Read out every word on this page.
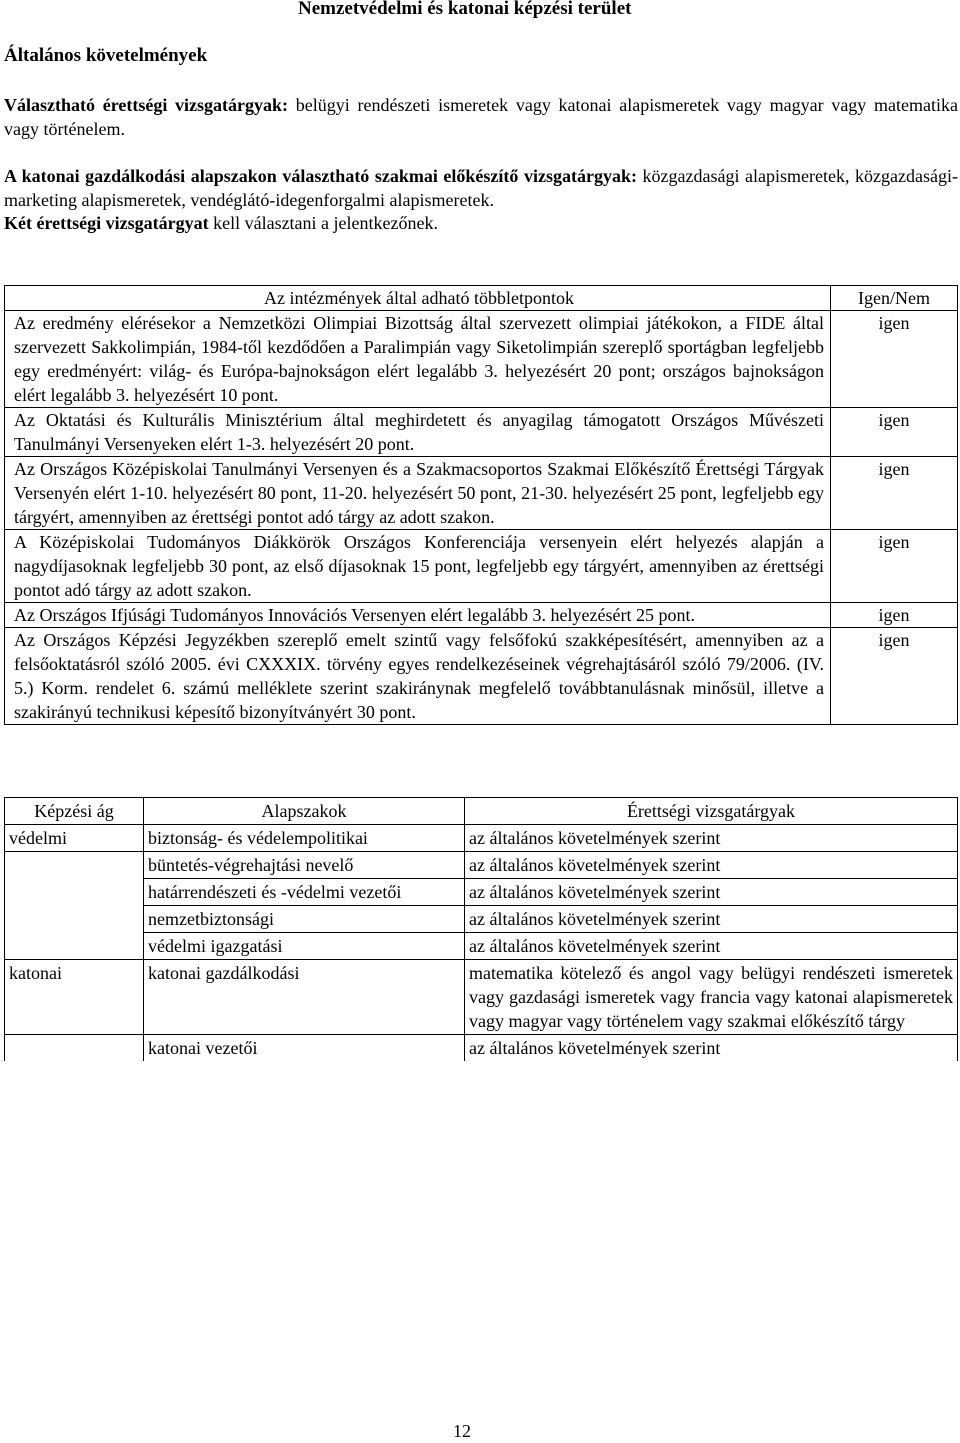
Nemzetvédelmi és katonai képzési terület
Általános követelmények
Választható érettségi vizsgatárgyak: belügyi rendészeti ismeretek vagy katonai alapismeretek vagy magyar vagy matematika vagy történelem.
A katonai gazdálkodási alapszakon választható szakmai előkészítő vizsgatárgyak: közgazdasági alapismeretek, közgazdasági-marketing alapismeretek, vendéglátó-idegenforgalmi alapismeretek.
Két érettségi vizsgatárgyat kell választani a jelentkezőnek.
Az intézmények által adható többletpontok	Igen/Nem
Az eredmény elérésekor a Nemzetközi Olimpiai Bizottság által szervezett olimpiai játékokon, a FIDE által szervezett Sakkolimpián, 1984-től kezdődően a Paralimpián vagy Siketolimpián szereplő sportágban legfeljebb egy eredményért: világ- és Európa-bajnokságon elért legalább 3. helyezésért 20 pont; országos bajnokságon elért legalább 3. helyezésért 10 pont.	igen
Az Oktatási és Kulturális Minisztérium által meghirdetett és anyagilag támogatott Országos Művészeti Tanulmányi Versenyeken elért 1-3. helyezésért 20 pont.	igen
Az Országos Középiskolai Tanulmányi Versenyen és a Szakmacsoportos Szakmai Előkészítő Érettségi Tárgyak Versenyén elért 1-10. helyezésért 80 pont, 11-20. helyezésért 50 pont, 21-30. helyezésért 25 pont, legfeljebb egy tárgyért, amennyiben az érettségi pontot adó tárgy az adott szakon.	igen
A Középiskolai Tudományos Diákkörök Országos Konferenciája versenyein elért helyezés alapján a nagydíjasoknak legfeljebb 30 pont, az első díjasoknak 15 pont, legfeljebb egy tárgyért, amennyiben az érettségi pontot adó tárgy az adott szakon.	igen
Az Országos Ifjúsági Tudományos Innovációs Versenyen elért legalább 3. helyezésért 25 pont.	igen
Az Országos Képzési Jegyzékben szereplő emelt szintű vagy felsőfokú szakképesítésért, amennyiben az a felsőoktatásról szóló 2005. évi CXXXIX. törvény egyes rendelkezéseinek végrehajtásáról szóló 79/2006. (IV. 5.) Korm. rendelet 6. számú melléklete szerint szakiránynak megfelelő továbbtanulásnak minősül, illetve a szakirányú technikusi képesítő bizonyítványért 30 pont.	igen
Képzési ág	Alapszakok	Érettségi vizsgatárgyak
védelmi	biztonság- és védelempolitikai	az általános követelmények szerint
	büntetés-végrehajtási nevelő	az általános követelmények szerint
	határrendészeti és -védelmi vezetői	az általános követelmények szerint
	nemzetbiztonsági	az általános követelmények szerint
	védelmi igazgatási	az általános követelmények szerint
katonai	katonai gazdálkodási	matematika kötelező és angol vagy belügyi rendészeti ismeretek vagy gazdasági ismeretek vagy francia vagy katonai alapismeretek vagy magyar vagy történelem vagy szakmai előkészítő tárgy
	katonai vezetői	az általános követelmények szerint
12
